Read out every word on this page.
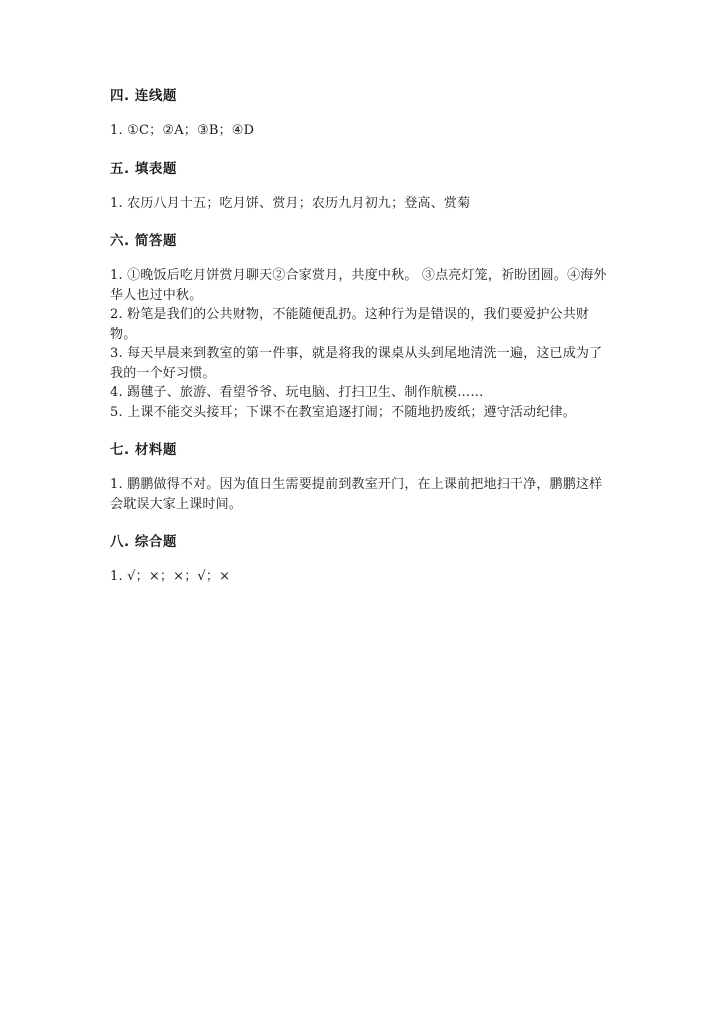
四. 连线题

1. ①C；②A；③B；④D

五. 填表题

1. 农历八月十五；吃月饼、赏月；农历九月初九；登高、赏菊

六. 简答题

1. ①晚饭后吃月饼赏月聊天②合家赏月，共度中秋。 ③点亮灯笼，祈盼团圆。④海外华人也过中秋。

2. 粉笔是我们的公共财物，不能随便乱扔。这种行为是错误的，我们要爱护公共财物。

3. 每天早晨来到教室的第一件事，就是将我的课桌从头到尾地清洗一遍，这已成为了我的一个好习惯。

4. 踢毽子、旅游、看望爷爷、玩电脑、打扫卫生、制作航模……

5. 上课不能交头接耳；下课不在教室追逐打闹；不随地扔废纸；遵守活动纪律。

七. 材料题

1. 鹏鹏做得不对。因为值日生需要提前到教室开门，在上课前把地扫干净，鹏鹏这样会耽误大家上课时间。

八. 综合题

1. √；×；×；√；×
